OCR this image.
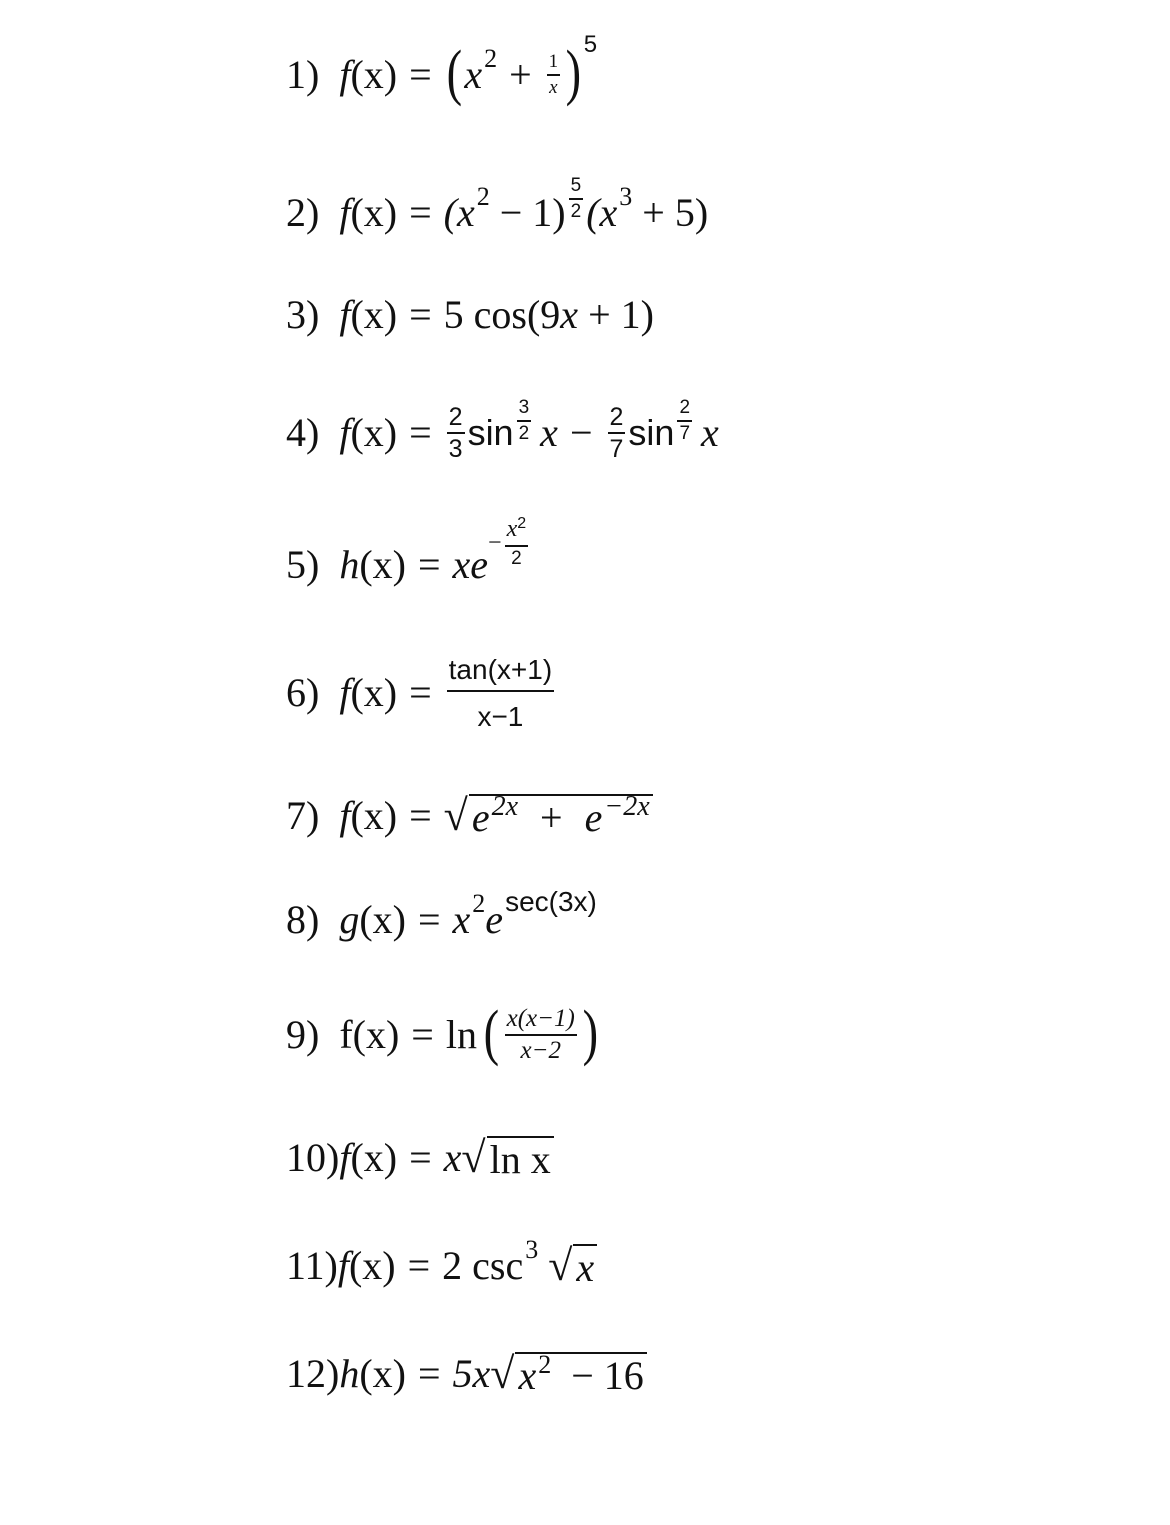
1) f (x) = ( x $2 + \frac{1}{x}$ ) 5
2) f (x) = (x $2 - 1) \frac{5}{2} (x$ 3 + 5)
3) f (x) = 5 cos(9 x + 1)
4) f $(x) = \frac{2}{3}$ $\sin \frac{3}{2}$ $x - \frac{2}{7}$ $\sin \frac{2}{7}$ x
5) h (x) = xe − $\frac{x^2}{2}$
6) f $(x) = \frac{\tan(x+1)}{x-1}$
7) f (x) = √ $e^{2x} + e^{-2x}$
8) g (x) = x 2 e sec(3x)
9) f(x) = ln ( $\frac{x(x-1)}{x-2}$ )
10) f (x) = x √ ln x
11) f (x) = 2 csc 3 √ x
12) h (x) = 5x √ $x^2 - 16$
